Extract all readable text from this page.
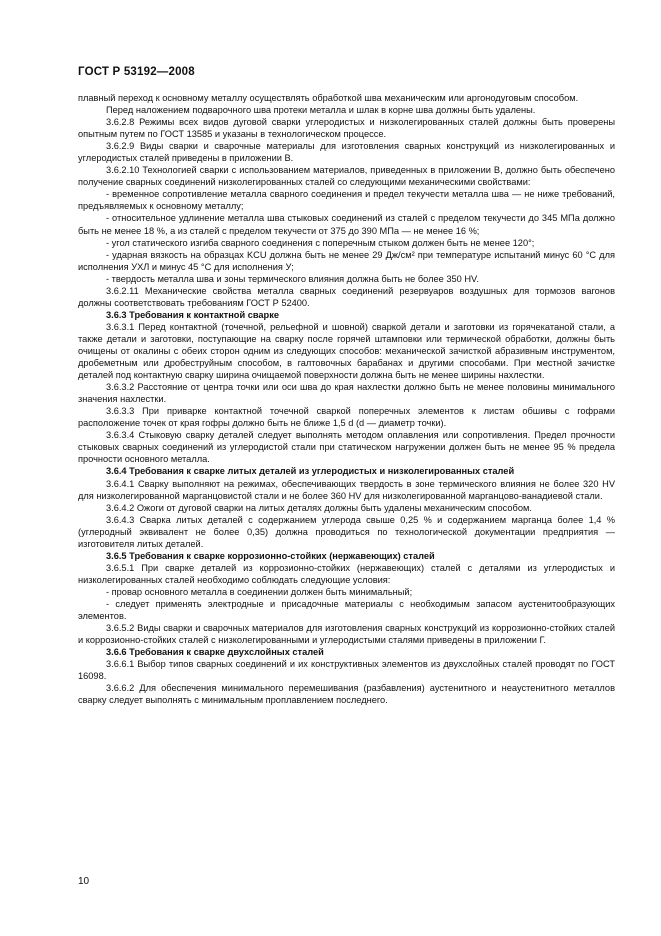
ГОСТ Р 53192—2008

плавный переход к основному металлу осуществлять обработкой шва механическим или аргонодуговым способом.

Перед наложением подварочного шва протеки металла и шлак в корне шва должны быть удалены.

3.6.2.8 Режимы всех видов дуговой сварки углеродистых и низколегированных сталей должны быть проверены опытным путем по ГОСТ 13585 и указаны в технологическом процессе.

3.6.2.9 Виды сварки и сварочные материалы для изготовления сварных конструкций из низколегированных и углеродистых сталей приведены в приложении В.

3.6.2.10 Технологией сварки с использованием материалов, приведенных в приложении В, должно быть обеспечено получение сварных соединений низколегированных сталей со следующими механическими свойствами:

- временное сопротивление металла сварного соединения и предел текучести металла шва — не ниже требований, предъявляемых к основному металлу;

- относительное удлинение металла шва стыковых соединений из сталей с пределом текучести до 345 МПа должно быть не менее 18 %, а из сталей с пределом текучести от 375 до 390 МПа — не менее 16 %;

- угол статического изгиба сварного соединения с поперечным стыком должен быть не менее 120°;

- ударная вязкость на образцах KCU должна быть не менее 29 Дж/см² при температуре испытаний минус 60 °С для исполнения УХЛ и минус 45 °С для исполнения У;

- твердость металла шва и зоны термического влияния должна быть не более 350 HV.

3.6.2.11 Механические свойства металла сварных соединений резервуаров воздушных для тормозов вагонов должны соответствовать требованиям ГОСТ Р 52400.

3.6.3 Требования к контактной сварке

3.6.3.1 Перед контактной (точечной, рельефной и шовной) сваркой детали и заготовки из горячекатаной стали, а также детали и заготовки, поступающие на сварку после горячей штамповки или термической обработки, должны быть очищены от окалины с обеих сторон одним из следующих способов: механической зачисткой абразивным инструментом, дробеметным или дробеструйным способом, в галтовочных барабанах и другими способами. При местной зачистке деталей под контактную сварку ширина очищаемой поверхности должна быть не менее ширины нахлестки.

3.6.3.2 Расстояние от центра точки или оси шва до края нахлестки должно быть не менее половины минимального значения нахлестки.

3.6.3.3 При приварке контактной точечной сваркой поперечных элементов к листам обшивы с гофрами расположение точек от края гофры должно быть не ближе 1,5 d (d — диаметр точки).

3.6.3.4 Стыковую сварку деталей следует выполнять методом оплавления или сопротивления. Предел прочности стыковых сварных соединений из углеродистой стали при статическом нагружении должен быть не менее 95 % предела прочности основного металла.

3.6.4 Требования к сварке литых деталей из углеродистых и низколегированных сталей

3.6.4.1 Сварку выполняют на режимах, обеспечивающих твердость в зоне термического влияния не более 320 HV для низколегированной марганцовистой стали и не более 360 HV для низколегированной марганцово-ванадиевой стали.

3.6.4.2 Ожоги от дуговой сварки на литых деталях должны быть удалены механическим способом.

3.6.4.3 Сварка литых деталей с содержанием углерода свыше 0,25 % и содержанием марганца более 1,4 % (углеродный эквивалент не более 0,35) должна проводиться по технологической документации предприятия — изготовителя литых деталей.

3.6.5 Требования к сварке коррозионно-стойких (нержавеющих) сталей

3.6.5.1 При сварке деталей из коррозионно-стойких (нержавеющих) сталей с деталями из углеродистых и низколегированных сталей необходимо соблюдать следующие условия:

- провар основного металла в соединении должен быть минимальный;

- следует применять электродные и присадочные материалы с необходимым запасом аустенитообразующих элементов.

3.6.5.2 Виды сварки и сварочных материалов для изготовления сварных конструкций из коррозионно-стойких сталей и коррозионно-стойких сталей с низколегированными и углеродистыми сталями приведены в приложении Г.

3.6.6 Требования к сварке двухслойных сталей

3.6.6.1 Выбор типов сварных соединений и их конструктивных элементов из двухслойных сталей проводят по ГОСТ 16098.

3.6.6.2 Для обеспечения минимального перемешивания (разбавления) аустенитного и неаустенитного металлов сварку следует выполнять с минимальным проплавлением последнего.

10
